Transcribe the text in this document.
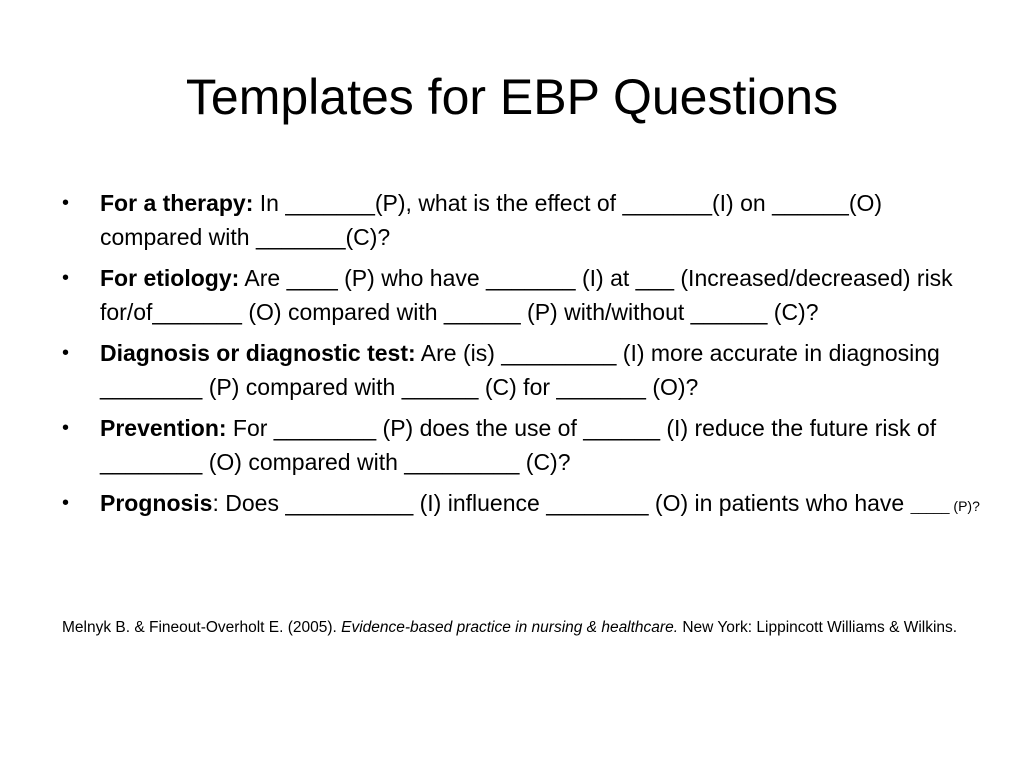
Templates for EBP Questions
•	For a therapy: In _______(P), what is the effect of _______(I) on ______(O) compared with _______(C)?
•	For etiology: Are ____ (P) who have _______ (I) at ___ (Increased/decreased) risk for/of_______ (O) compared with ______ (P) with/without ______ (C)?
•	Diagnosis or diagnostic test: Are (is) _________ (I) more accurate in diagnosing ________ (P) compared with ______ (C) for _______ (O)?
•	Prevention: For ________ (P) does the use of ______ (I) reduce the future risk of ________ (O) compared with _________ (C)?
•	Prognosis: Does __________ (I) influence ________ (O) in patients who have _____ (P)?

Melnyk B. & Fineout-Overholt E. (2005). Evidence-based practice in nursing & healthcare. New York: Lippincott Williams & Wilkins.
